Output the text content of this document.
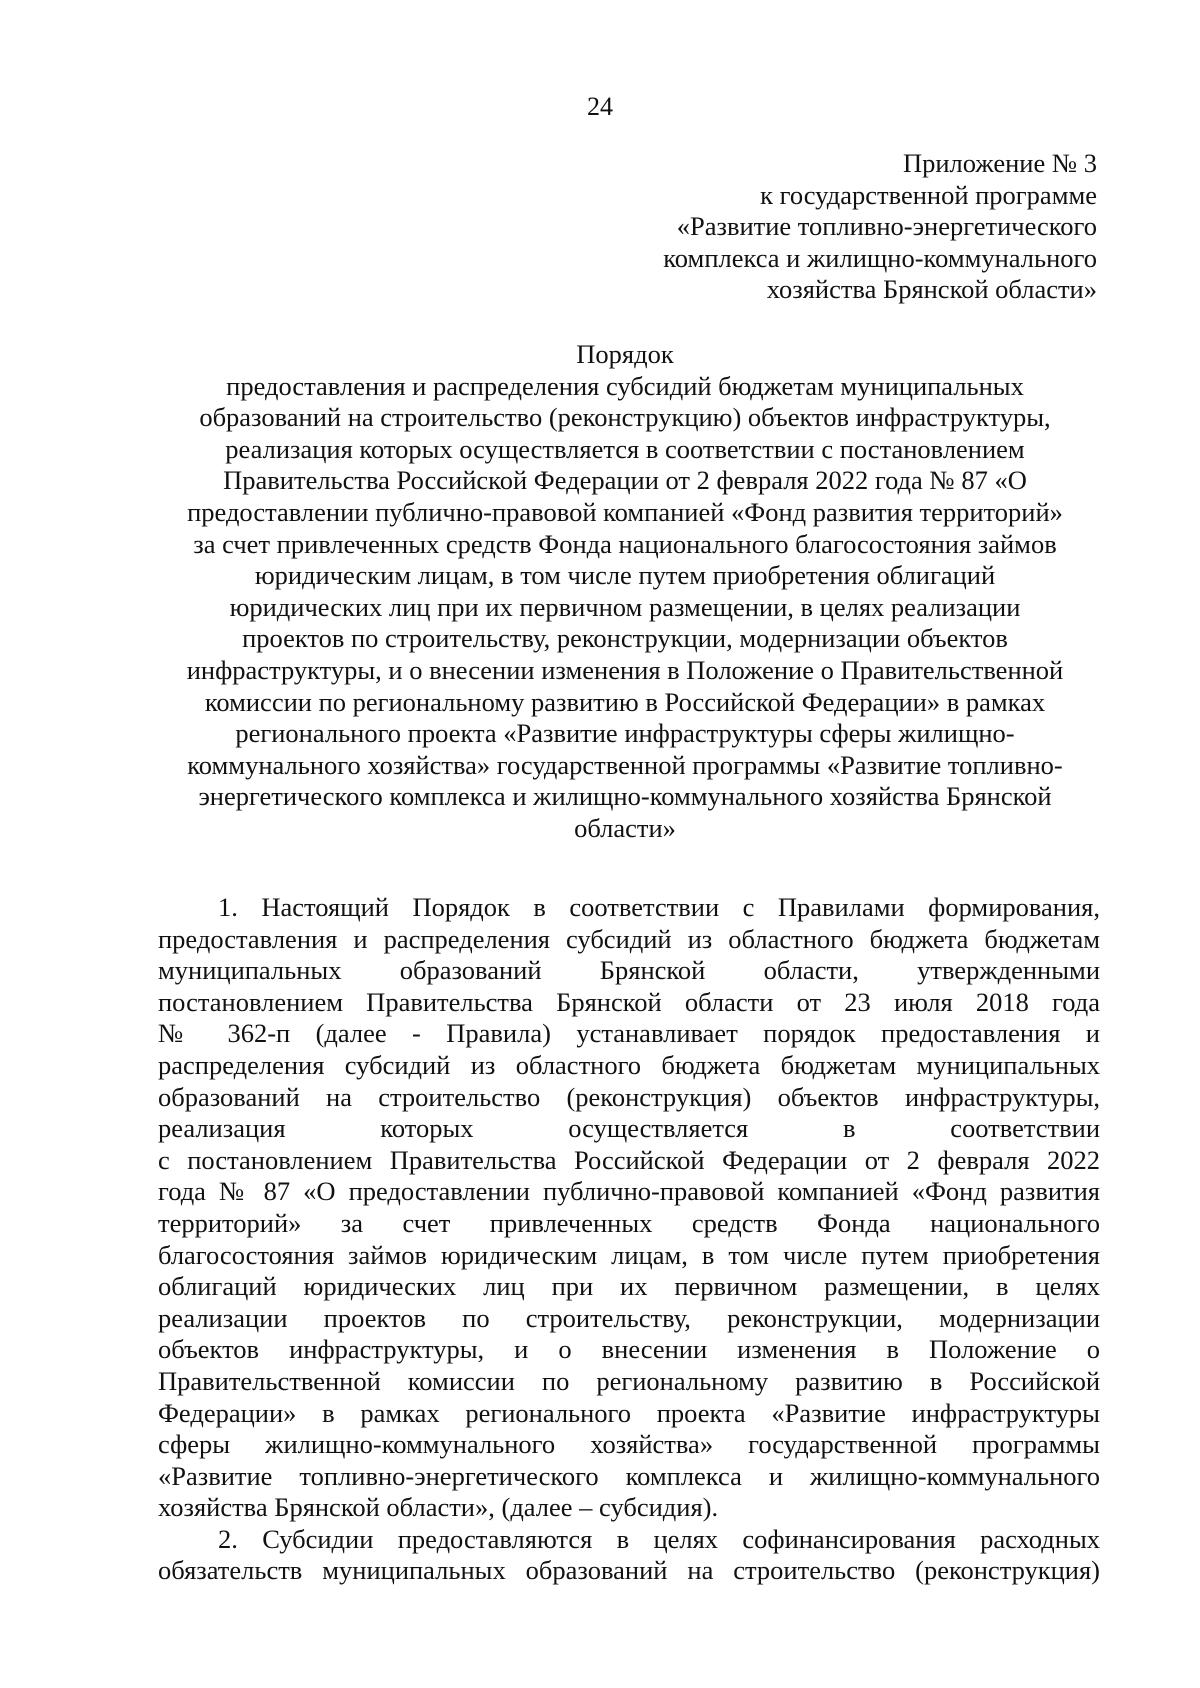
24
Приложение № 3
к государственной программе
«Развитие топливно-энергетического
комплекса и жилищно-коммунального
хозяйства Брянской области»
Порядок
предоставления и распределения субсидий бюджетам муниципальных
образований на строительство (реконструкцию) объектов инфраструктуры,
реализация которых осуществляется в соответствии с постановлением
Правительства Российской Федерации от 2 февраля 2022 года № 87 «О
предоставлении публично-правовой компанией «Фонд развития территорий»
за счет привлеченных средств Фонда национального благосостояния займов
юридическим лицам, в том числе путем приобретения облигаций
юридических лиц при их первичном размещении, в целях реализации
проектов по строительству, реконструкции, модернизации объектов
инфраструктуры, и о внесении изменения в Положение о Правительственной
комиссии по региональному развитию в Российской Федерации» в рамках
регионального проекта «Развитие инфраструктуры сферы жилищно-
коммунального хозяйства» государственной программы «Развитие топливно-
энергетического комплекса и жилищно-коммунального хозяйства Брянской
области»
1. Настоящий Порядок в соответствии с Правилами формирования,
предоставления и распределения субсидий из областного бюджета бюджетам
муниципальных образований Брянской области, утвержденными
постановлением Правительства Брянской области от 23 июля 2018 года
№ 362-п (далее - Правила) устанавливает порядок предоставления и
распределения субсидий из областного бюджета бюджетам муниципальных
образований на строительство (реконструкция) объектов инфраструктуры,
реализация которых осуществляется в соответствии
с постановлением Правительства Российской Федерации от 2 февраля 2022
года № 87 «О предоставлении публично-правовой компанией «Фонд развития
территорий» за счет привлеченных средств Фонда национального
благосостояния займов юридическим лицам, в том числе путем приобретения
облигаций юридических лиц при их первичном размещении, в целях
реализации проектов по строительству, реконструкции, модернизации
объектов инфраструктуры, и о внесении изменения в Положение о
Правительственной комиссии по региональному развитию в Российской
Федерации» в рамках регионального проекта «Развитие инфраструктуры
сферы жилищно-коммунального хозяйства» государственной программы
«Развитие топливно-энергетического комплекса и жилищно-коммунального
хозяйства Брянской области», (далее – субсидия).
2. Субсидии предоставляются в целях софинансирования расходных
обязательств муниципальных образований на строительство (реконструкция)
